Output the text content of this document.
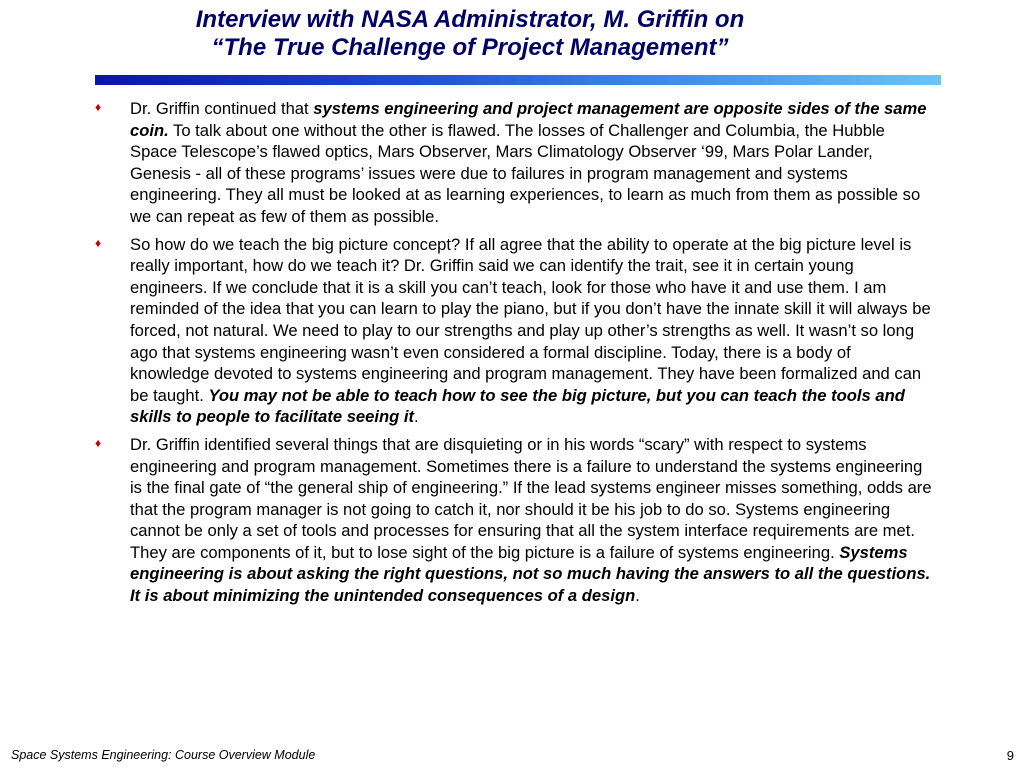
Interview with NASA Administrator, M. Griffin on
“The True Challenge of Project Management”
♦ Dr. Griffin continued that systems engineering and project management are opposite sides of the same coin. To talk about one without the other is flawed. The losses of Challenger and Columbia, the Hubble Space Telescope’s flawed optics, Mars Observer, Mars Climatology Observer ‘99, Mars Polar Lander, Genesis - all of these programs’ issues were due to failures in program management and systems engineering. They all must be looked at as learning experiences, to learn as much from them as possible so we can repeat as few of them as possible.
♦ So how do we teach the big picture concept? If all agree that the ability to operate at the big picture level is really important, how do we teach it? Dr. Griffin said we can identify the trait, see it in certain young engineers. If we conclude that it is a skill you can’t teach, look for those who have it and use them. I am reminded of the idea that you can learn to play the piano, but if you don’t have the innate skill it will always be forced, not natural. We need to play to our strengths and play up other’s strengths as well. It wasn’t so long ago that systems engineering wasn’t even considered a formal discipline. Today, there is a body of knowledge devoted to systems engineering and program management. They have been formalized and can be taught. You may not be able to teach how to see the big picture, but you can teach the tools and skills to people to facilitate seeing it.
♦ Dr. Griffin identified several things that are disquieting or in his words “scary” with respect to systems engineering and program management. Sometimes there is a failure to understand the systems engineering is the final gate of “the general ship of engineering.” If the lead systems engineer misses something, odds are that the program manager is not going to catch it, nor should it be his job to do so. Systems engineering cannot be only a set of tools and processes for ensuring that all the system interface requirements are met. They are components of it, but to lose sight of the big picture is a failure of systems engineering. Systems engineering is about asking the right questions, not so much having the answers to all the questions. It is about minimizing the unintended consequences of a design.
Space Systems Engineering: Course Overview Module	9
